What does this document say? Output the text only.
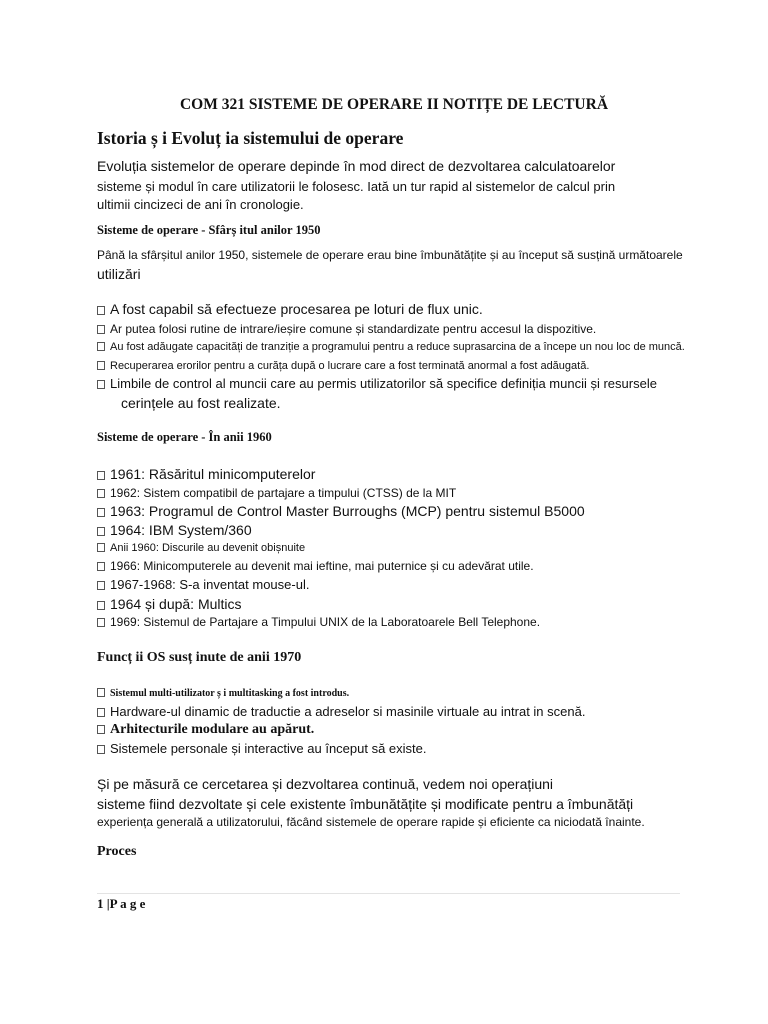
COM 321 SISTEME DE OPERARE II NOTIȚE DE LECTURĂ
Istoria ș i Evoluț ia sistemului de operare
Evoluția sistemelor de operare depinde în mod direct de dezvoltarea calculatoarelor
sisteme și modul în care utilizatorii le folosesc. Iată un tur rapid al sistemelor de calcul prin
ultimii cincizeci de ani în cronologie.
Sisteme de operare - Sfârș itul anilor 1950
Până la sfârșitul anilor 1950, sistemele de operare erau bine îmbunătățite și au început să susțină următoarele
utilizări
A fost capabil să efectueze procesarea pe loturi de flux unic.
Ar putea folosi rutine de intrare/ieșire comune și standardizate pentru accesul la dispozitive.
Au fost adăugate capacități de tranziție a programului pentru a reduce suprasarcina de a începe un nou loc de muncă.
Recuperarea erorilor pentru a curăța după o lucrare care a fost terminată anormal a fost adăugată.
Limbile de control al muncii care au permis utilizatorilor să specifice definiția muncii și resursele
cerințele au fost realizate.
Sisteme de operare - În anii 1960
1961: Răsăritul minicomputerelor
1962: Sistem compatibil de partajare a timpului (CTSS) de la MIT
1963: Programul de Control Master Burroughs (MCP) pentru sistemul B5000
1964: IBM System/360
Anii 1960: Discurile au devenit obișnuite
1966: Minicomputerele au devenit mai ieftine, mai puternice și cu adevărat utile.
1967-1968: S-a inventat mouse-ul.
1964 și după: Multics
1969: Sistemul de Partajare a Timpului UNIX de la Laboratoarele Bell Telephone.
Funcț ii OS susț inute de anii 1970
Sistemul multi-utilizator ș i multitasking a fost introdus.
Hardware-ul dinamic de traductie a adreselor si masinile virtuale au intrat in scenă.
Arhitecturile modulare au apărut.
Sistemele personale și interactive au început să existe.
Și pe măsură ce cercetarea și dezvoltarea continuă, vedem noi operațiuni
sisteme fiind dezvoltate și cele existente îmbunătățite și modificate pentru a îmbunătăți
experiența generală a utilizatorului, făcând sistemele de operare rapide și eficiente ca niciodată înainte.
Proces
1 |P a g e
